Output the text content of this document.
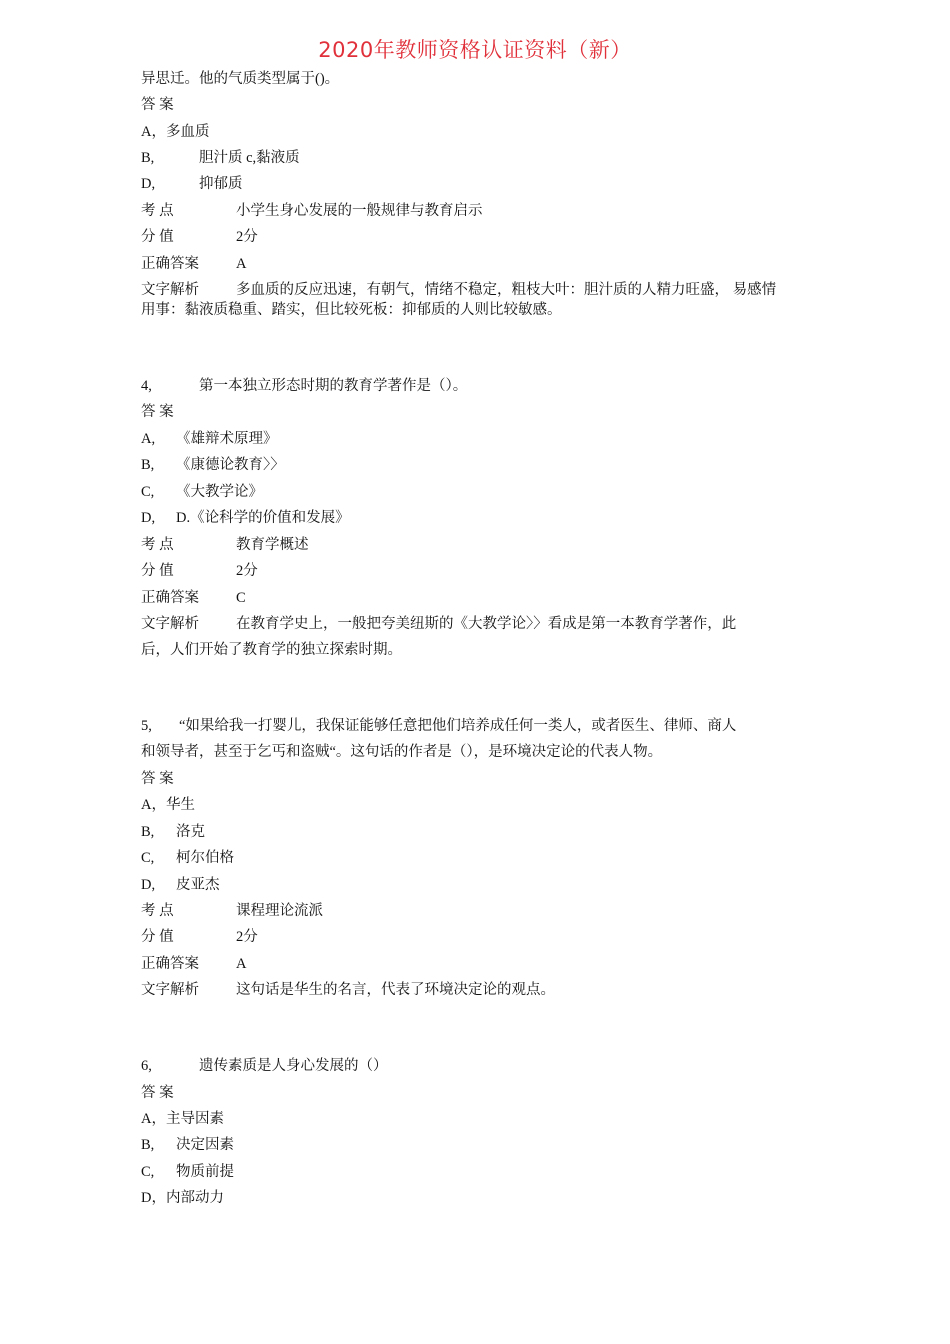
2020年教师资格认证资料（新）
异思迁。他的气质类型属于()。
答 案
A，多血质
B,	胆汁质 c,黏液质
D,	抑郁质
考 点	小学生身心发展的一般规律与教育启示
分 值	2分
正确答案	A
文字解析	多血质的反应迅速，有朝气，情绪不稳定，粗枝大叶：胆汁质的人精力旺盛， 易感情
用事：黏液质稳重、踏实，但比较死板：抑郁质的人则比较敏感。
4,	第一本独立形态时期的教育学著作是（）。
答 案
A, 《雄辩术原理》
B, 《康德论教育〉〉
C, 《大教学论》
D, D.《论科学的价值和发展》
考 点	教育学概述
分 值	2分
正确答案	C
文字解析	在教育学史上，一般把夸美纽斯的《大教学论〉〉看成是第一本教育学著作，此
后，人们开始了教育学的独立探索时期。
5, “如果给我一打婴儿，我保证能够任意把他们培养成任何一类人，或者医生、律师、商人
和领导者，甚至于乞丐和盗贼“。这句话的作者是（），是环境决定论的代表人物。
答 案
A，华生
B, 洛克
C, 柯尔伯格
D, 皮亚杰
考 点	课程理论流派
分 值	2分
正确答案	A
文字解析	这句话是华生的名言，代表了环境决定论的观点。
6,	遗传素质是人身心发展的（）
答 案
A，主导因素
B, 决定因素
C, 物质前提
D，内部动力
